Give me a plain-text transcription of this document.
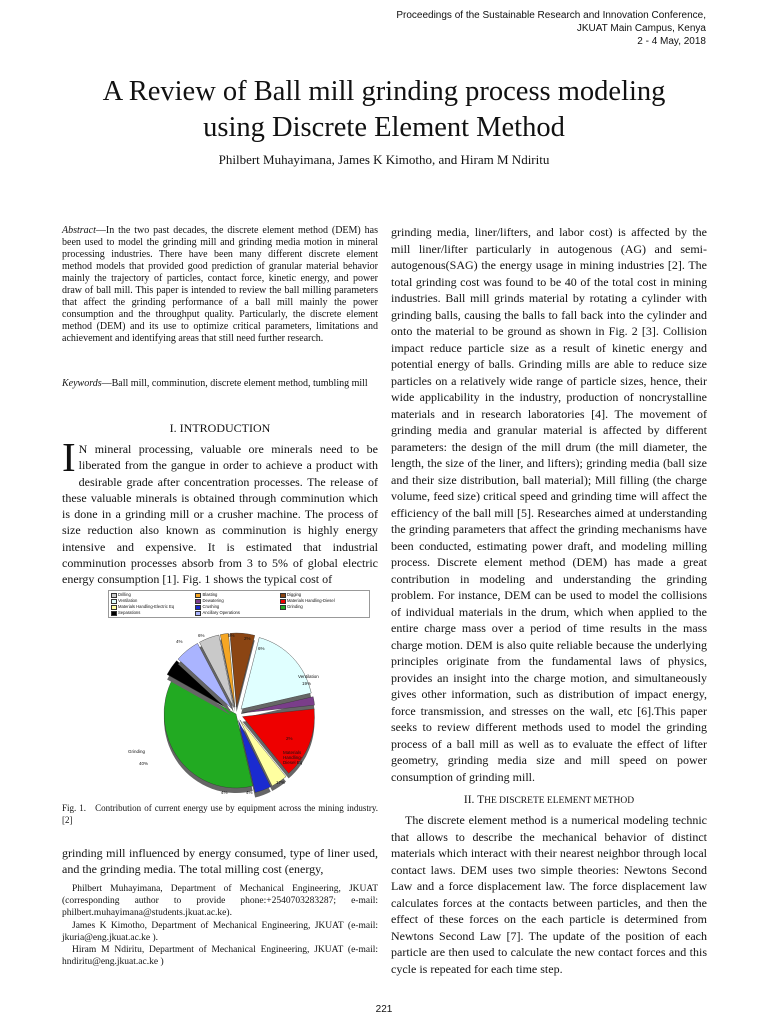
Proceedings of the Sustainable Research and Innovation Conference,
JKUAT Main Campus, Kenya
2 - 4 May, 2018
A Review of Ball mill grinding process modeling
using Discrete Element Method
Philbert Muhayimana, James K Kimotho, and Hiram M Ndiritu
Abstract—In the two past decades, the discrete element method (DEM) has been used to model the grinding mill and grinding media motion in mineral processing industries. There have been many different discrete element method models that provided good prediction of granular material behavior mainly the trajectory of particles, contact force, kinetic energy, and power draw of ball mill. This paper is intended to review the ball milling parameters that affect the grinding performance of a ball mill mainly the power consumption and the throughput quality. Particularly, the discrete element method (DEM) and its use to optimize critical parameters, limitations and achievement and identifying areas that still need further research.
Keywords—Ball mill, comminution, discrete element method, tumbling mill
I. INTRODUCTION
I N mineral processing, valuable ore minerals need to be liberated from the gangue in order to achieve a product with desirable grade after concentration processes. The release of these valuable minerals is obtained through comminution which is done in a grinding mill or a crusher machine. The process of size reduction also known as comminution is highly energy intensive and expensive. It is estimated that industrial comminution processes absorb from 3 to 5% of global electric energy consumption [1]. Fig. 1 shows the typical cost of
Drilling	Blasting	Digging
Ventilation	Dewatering	Materials Handling-Diesel
Materials Handling-Electric Eq	Crushing	Grinding
Separations	Ancillary Operations
5%
2%
6%
6%
4%
Ventilation
19%
2%
Materials
Handling-
Diesel Eq
17%
4%
4%
Grinding
40%
Fig. 1. Contribution of current energy use by equipment across the mining industry. [2]
grinding mill influenced by energy consumed, type of liner used, and the grinding media. The total milling cost (energy,

Philbert Muhayimana, Department of Mechanical Engineering, JKUAT (corresponding author to provide phone:+2540703283287; e-mail: philbert.muhayimana@students.jkuat.ac.ke).

James K Kimotho, Department of Mechanical Engineering, JKUAT (e-mail: jkuria@eng.jkuat.ac.ke ).

Hiram M Ndiritu, Department of Mechanical Engineering, JKUAT (e-mail: hndiritu@eng.jkuat.ac.ke )

grinding media, liner/lifters, and labor cost) is affected by the mill liner/lifter particularly in autogenous (AG) and semi-autogenous(SAG) the energy usage in mining industries [2]. The total grinding cost was found to be 40 of the total cost in mining industries. Ball mill grinds material by rotating a cylinder with grinding balls, causing the balls to fall back into the cylinder and onto the material to be ground as shown in Fig. 2 [3]. Collision impact reduce particle size as a result of kinetic energy and potential energy of balls. Grinding mills are able to reduce size particles on a relatively wide range of particle sizes, hence, their wide applicability in the industry, production of noncrystalline materials and in research laboratories [4]. The movement of grinding media and granular material is affected by different parameters: the design of the mill drum (the mill diameter, the length, the size of the liner, and lifters); grinding media (ball size and their size distribution, ball material); Mill filling (the charge volume, feed size) critical speed and grinding time will affect the efficiency of the ball mill [5]. Researches aimed at understanding the grinding parameters that affect the grinding mechanisms have been conducted, estimating power draft, and modeling milling process. Discrete element method (DEM) has made a great contribution in modeling and understanding the grinding problem. For instance, DEM can be used to model the collisions of individual materials in the drum, which when applied to the entire charge mass over a period of time results in the mass charge motion. DEM is also quite reliable because the underlying principles originate from the fundamental laws of physics, provides an insight into the charge motion, and simultaneously gives other information, such as distribution of impact energy, force transmission, and stresses on the wall, etc [6].This paper seeks to review different methods used to model the grinding process of a ball mill as well as to evaluate the effect of lifter geometry, grinding media size and mill speed on power consumption of grinding mill.
II. THE DISCRETE ELEMENT METHOD
The discrete element method is a numerical modeling technic that allows to describe the mechanical behavior of distinct materials which interact with their nearest neighbor through local contact laws. DEM uses two simple theories: Newtons Second Law and a force displacement law. The force displacement law calculates forces at the contacts between particles, and then the effect of these forces on the each particle is determined from Newtons Second Law [7]. The update of the position of each particle are then used to calculate the new contact forces and this cycle is repeated for each time step.
221
